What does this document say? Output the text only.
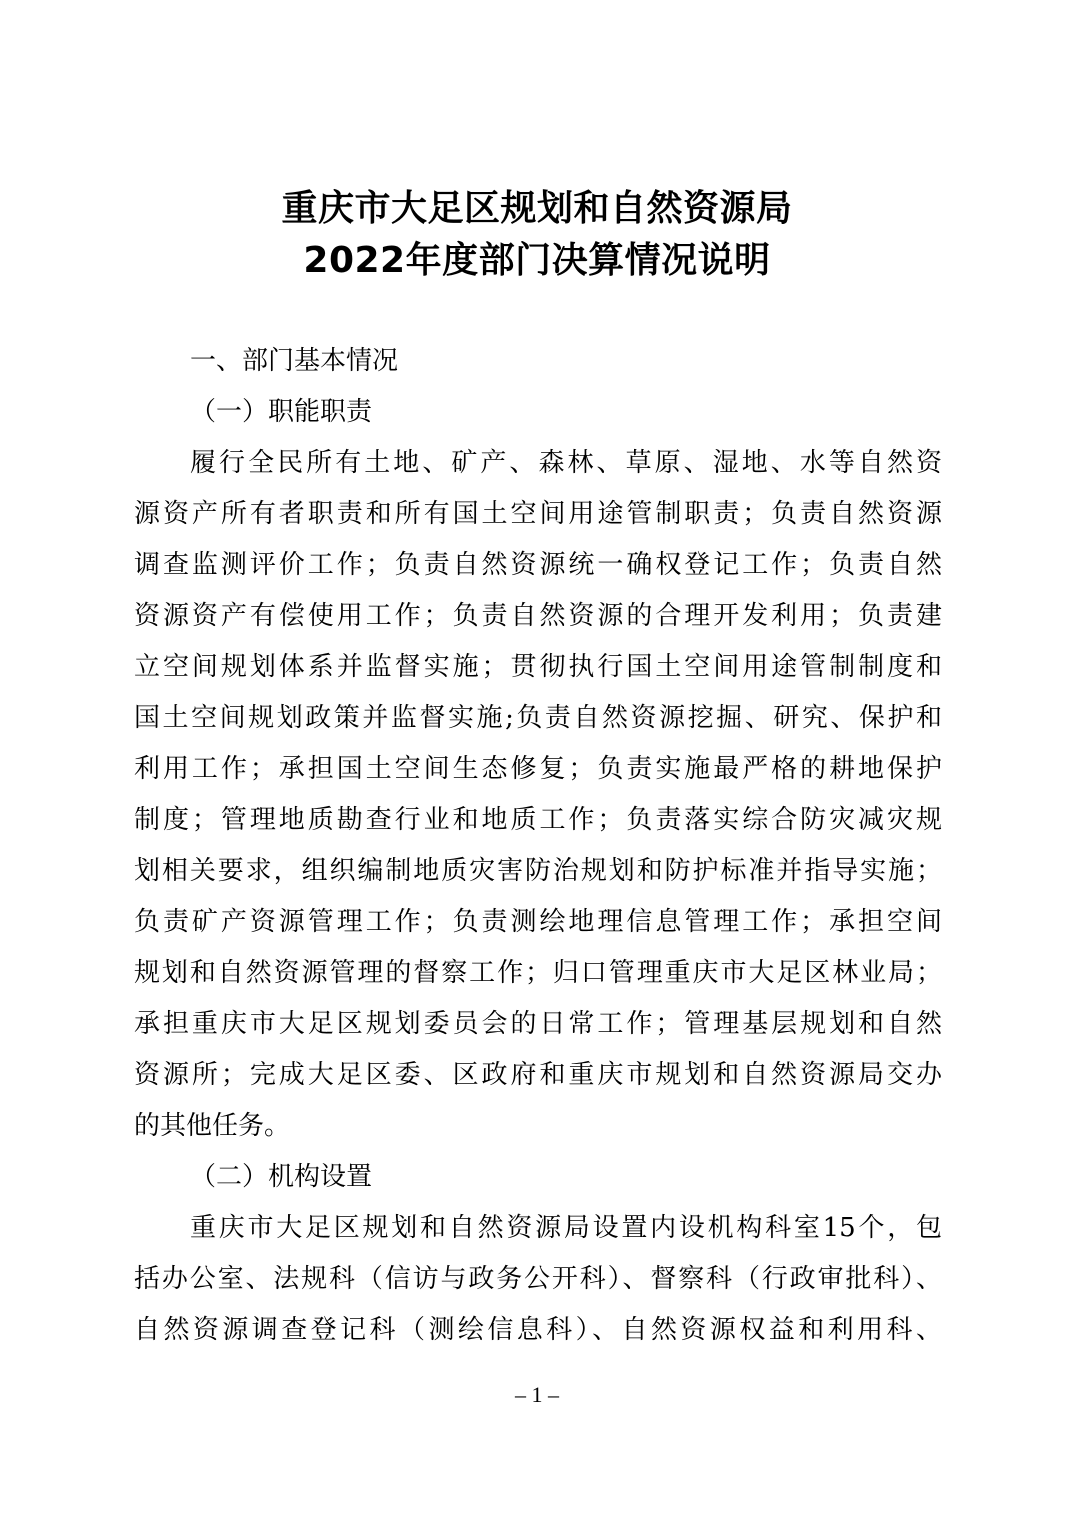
重庆市大足区规划和自然资源局
2022年度部门决算情况说明

一、部门基本情况

（一）职能职责

履行全民所有土地、矿产、森林、草原、湿地、水等自然资
源资产所有者职责和所有国土空间用途管制职责；负责自然资源
调查监测评价工作；负责自然资源统一确权登记工作；负责自然
资源资产有偿使用工作；负责自然资源的合理开发利用；负责建
立空间规划体系并监督实施；贯彻执行国土空间用途管制制度和
国土空间规划政策并监督实施;负责自然资源挖掘、研究、保护和
利用工作；承担国土空间生态修复；负责实施最严格的耕地保护
制度；管理地质勘查行业和地质工作；负责落实综合防灾减灾规
划相关要求，组织编制地质灾害防治规划和防护标准并指导实施；
负责矿产资源管理工作；负责测绘地理信息管理工作；承担空间
规划和自然资源管理的督察工作；归口管理重庆市大足区林业局；
承担重庆市大足区规划委员会的日常工作；管理基层规划和自然
资源所；完成大足区委、区政府和重庆市规划和自然资源局交办
的其他任务。

（二）机构设置

重庆市大足区规划和自然资源局设置内设机构科室15个，包
括办公室、法规科（信访与政务公开科）、督察科（行政审批科）、
自然资源调查登记科（测绘信息科）、自然资源权益和利用科、
– 1 –
